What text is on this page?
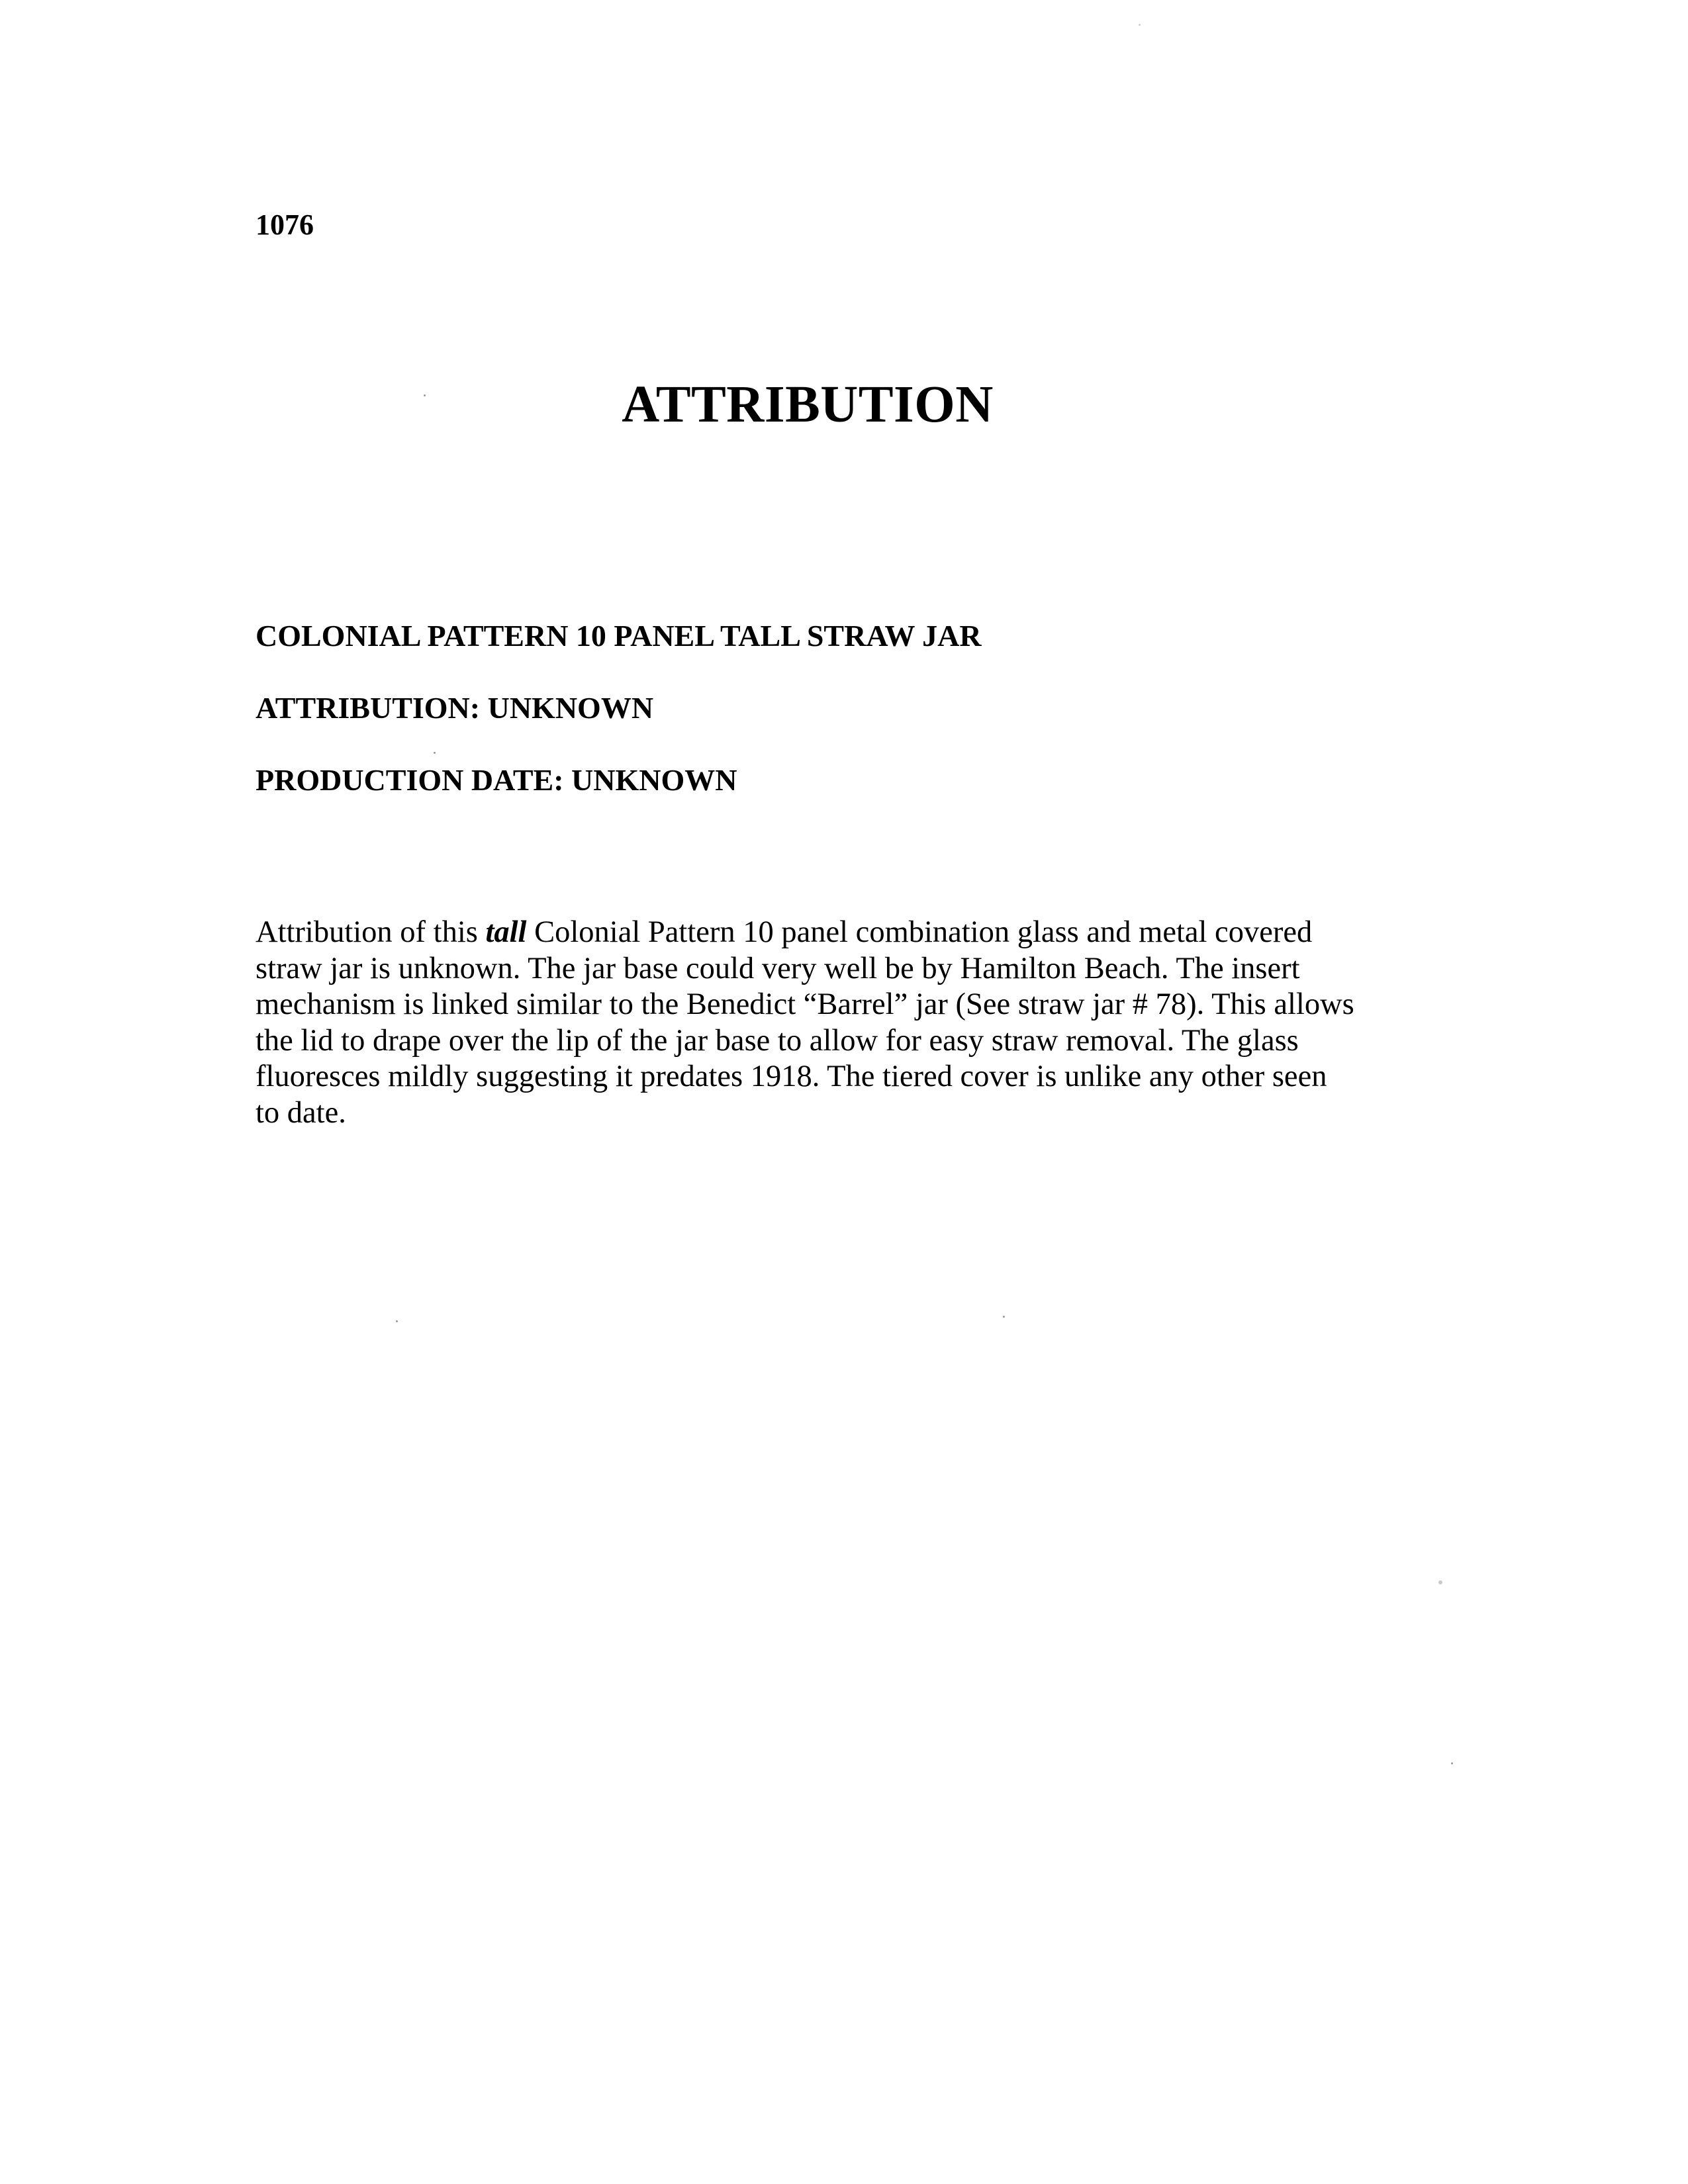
1076
ATTRIBUTION
COLONIAL PATTERN 10 PANEL TALL STRAW JAR
ATTRIBUTION: UNKNOWN
PRODUCTION DATE: UNKNOWN

Attribution of this tall Colonial Pattern 10 panel combination glass and metal covered
straw jar is unknown. The jar base could very well be by Hamilton Beach. The insert
mechanism is linked similar to the Benedict “Barrel” jar (See straw jar # 78). This allows
the lid to drape over the lip of the jar base to allow for easy straw removal. The glass
fluoresces mildly suggesting it predates 1918. The tiered cover is unlike any other seen
to date.
